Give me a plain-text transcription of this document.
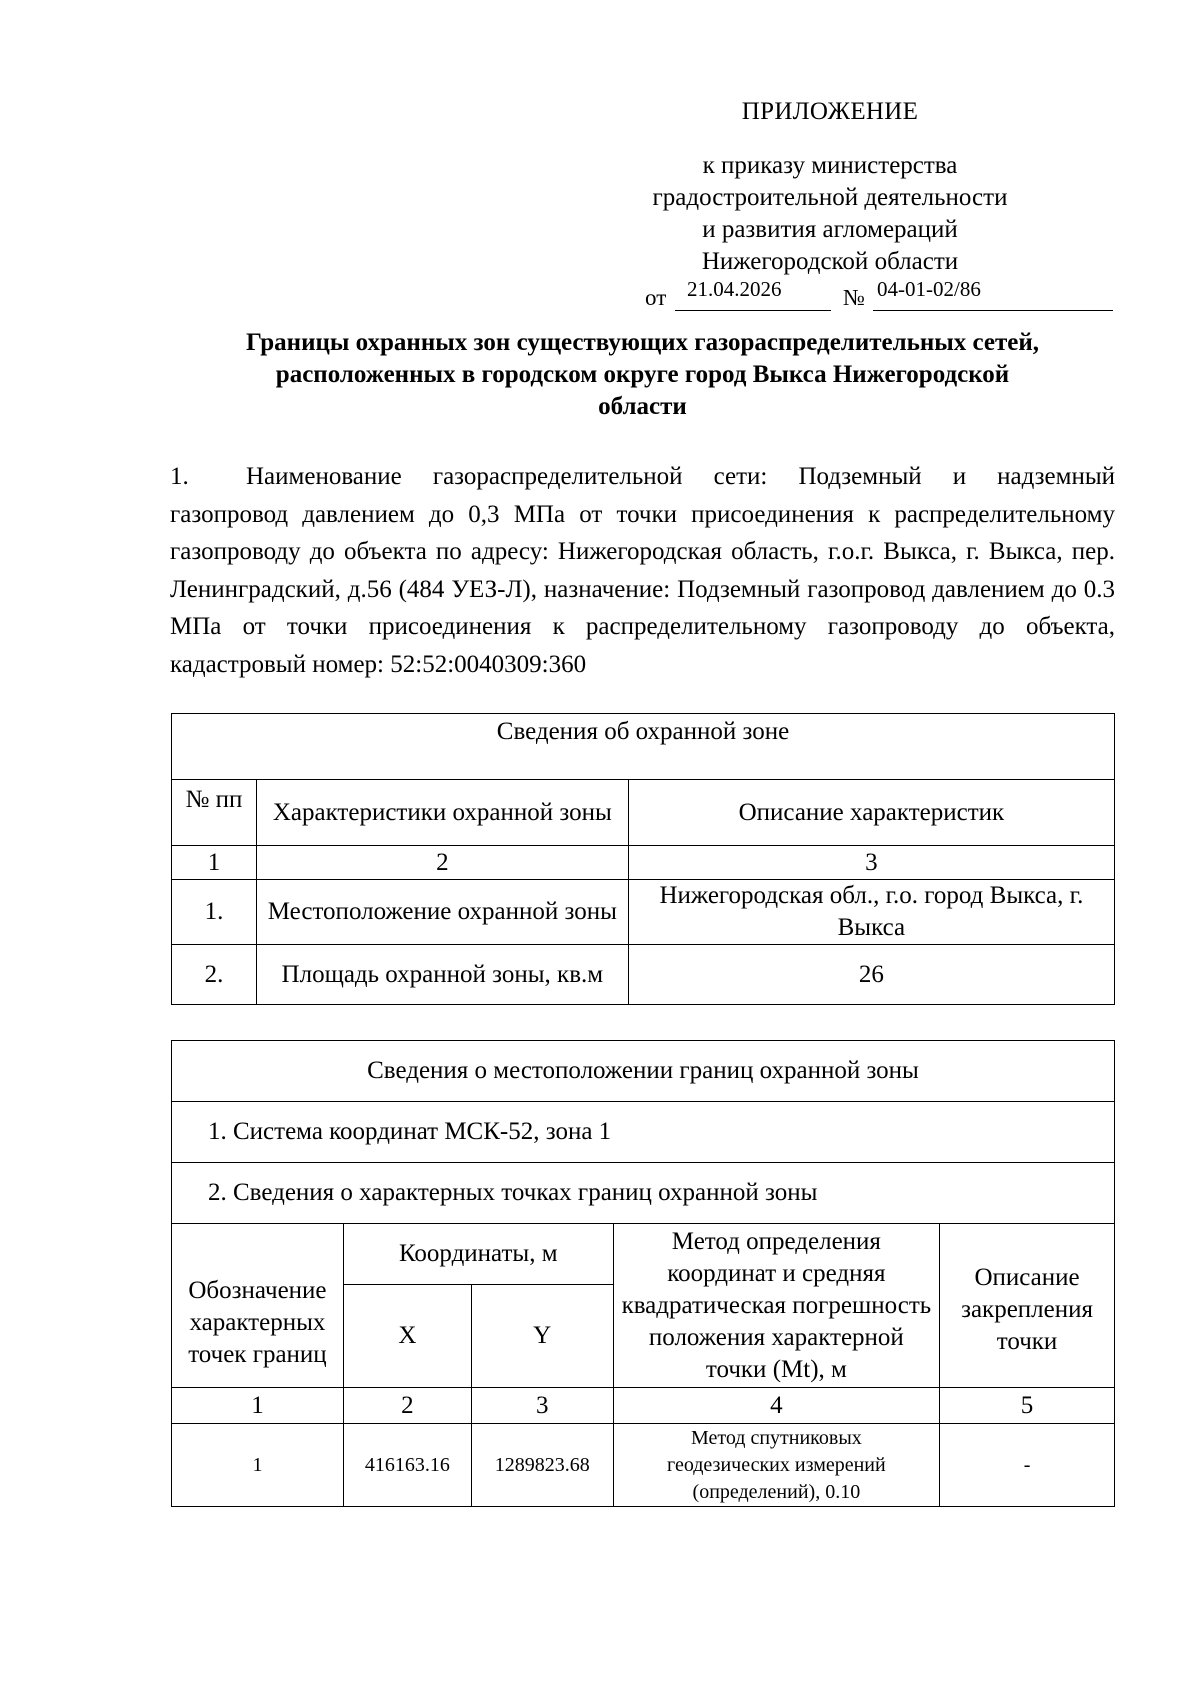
ПРИЛОЖЕНИЕ
к приказу министерства
градостроительной деятельности
и развития агломераций
Нижегородской области
от 21.04.2026	№ 04-01-02/86
Границы охранных зон существующих газораспределительных сетей,
расположенных в городском округе город Выкса Нижегородской
области
1. Наименование газораспределительной сети: Подземный и надземный газопровод давлением до 0,3 МПа от точки присоединения к распределительному газопроводу до объекта по адресу: Нижегородская область, г.о.г. Выкса, г. Выкса, пер. Ленинградский, д.56 (484 УЕЗ-Л), назначение: Подземный газопровод давлением до 0.3 МПа от точки присоединения к распределительному газопроводу до объекта, кадастровый номер: 52:52:0040309:360
Сведения об охранной зоне		
№ пп	Характеристики охранной зоны	Описание характеристик
1	2	3
1.	Местоположение охранной зоны	Нижегородская обл., г.о. город Выкса, г. Выкса
2.	Площадь охранной зоны, кв.м	26
Сведения о местоположении границ охранной зоны				
1. Система координат МСК-52, зона 1				
2. Сведения о характерных точках границ охранной зоны				
Обозначение характерных точек границ	Координаты, м		Метод определения координат и средняя квадратическая погрешность положения характерной точки (Mt), м	Описание закрепления точки
	X	Y		
1	2	3	4	5
1	416163.16	1289823.68	Метод спутниковых геодезических измерений (определений), 0.10	-
